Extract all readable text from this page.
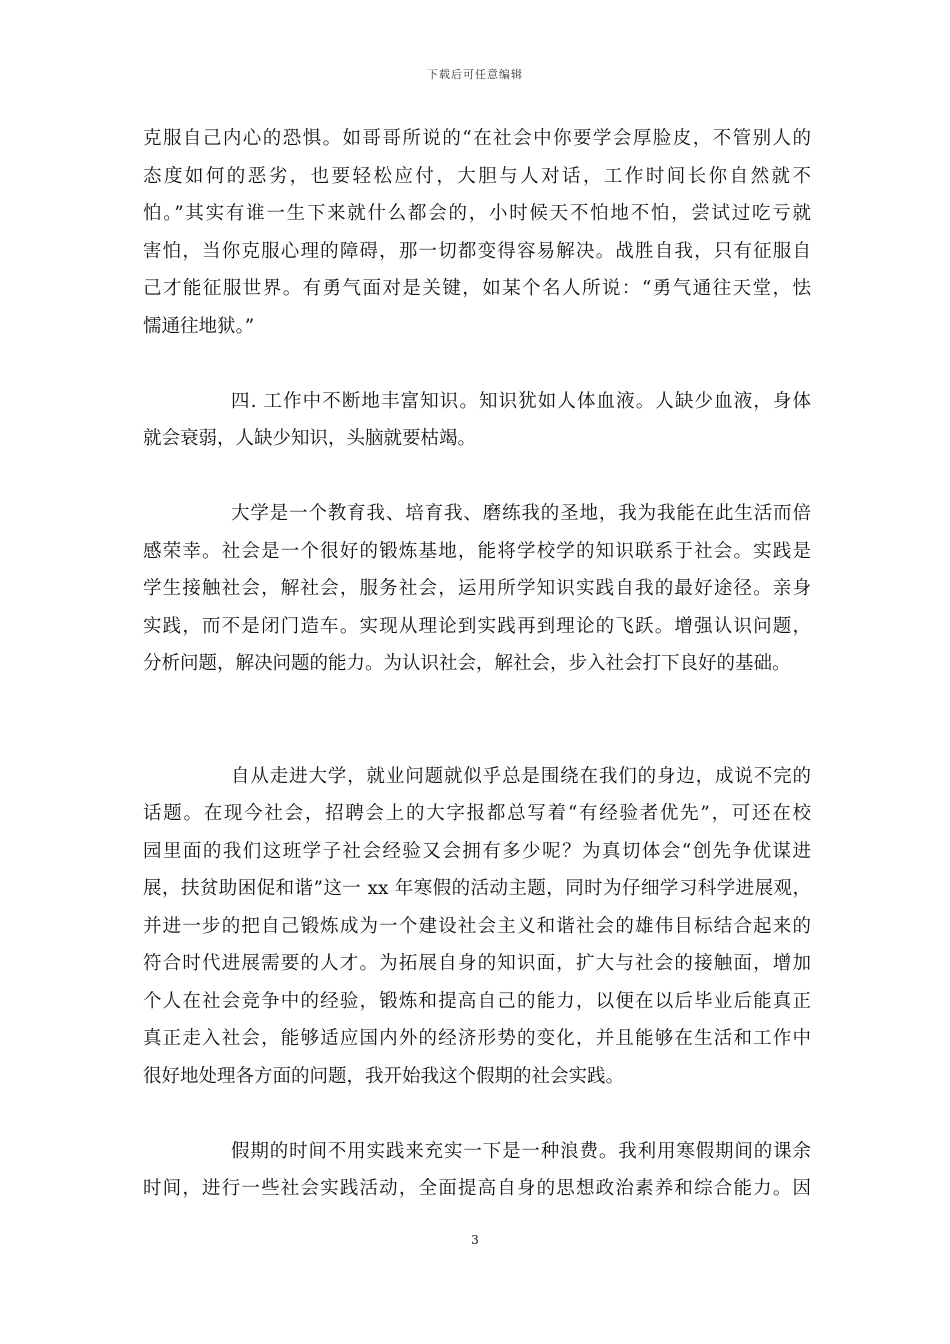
下载后可任意编辑
克服自己内心的恐惧。如哥哥所说的“在社会中你要学会厚脸皮，不管别人的
态度如何的恶劣，也要轻松应付，大胆与人对话，工作时间长你自然就不
怕。”其实有谁一生下来就什么都会的，小时候天不怕地不怕，尝试过吃亏就
害怕，当你克服心理的障碍，那一切都变得容易解决。战胜自我，只有征服自
己才能征服世界。有勇气面对是关键，如某个名人所说：“勇气通往天堂，怯
懦通往地狱。”
四. 工作中不断地丰富知识。知识犹如人体血液。人缺少血液，身体
就会衰弱，人缺少知识，头脑就要枯竭。
大学是一个教育我、培育我、磨练我的圣地，我为我能在此生活而倍
感荣幸。社会是一个很好的锻炼基地，能将学校学的知识联系于社会。实践是
学生接触社会，解社会，服务社会，运用所学知识实践自我的最好途径。亲身
实践，而不是闭门造车。实现从理论到实践再到理论的飞跃。增强认识问题，
分析问题，解决问题的能力。为认识社会，解社会，步入社会打下良好的基础。
自从走进大学，就业问题就似乎总是围绕在我们的身边，成说不完的
话题。在现今社会，招聘会上的大字报都总写着“有经验者优先”，可还在校
园里面的我们这班学子社会经验又会拥有多少呢？为真切体会“创先争优谋进
展，扶贫助困促和谐”这一 xx 年寒假的活动主题，同时为仔细学习科学进展观，
并进一步的把自己锻炼成为一个建设社会主义和谐社会的雄伟目标结合起来的
符合时代进展需要的人才。为拓展自身的知识面，扩大与社会的接触面，增加
个人在社会竞争中的经验，锻炼和提高自己的能力，以便在以后毕业后能真正
真正走入社会，能够适应国内外的经济形势的变化，并且能够在生活和工作中
很好地处理各方面的问题，我开始我这个假期的社会实践。
假期的时间不用实践来充实一下是一种浪费。我利用寒假期间的课余
时间，进行一些社会实践活动，全面提高自身的思想政治素养和综合能力。因
3
